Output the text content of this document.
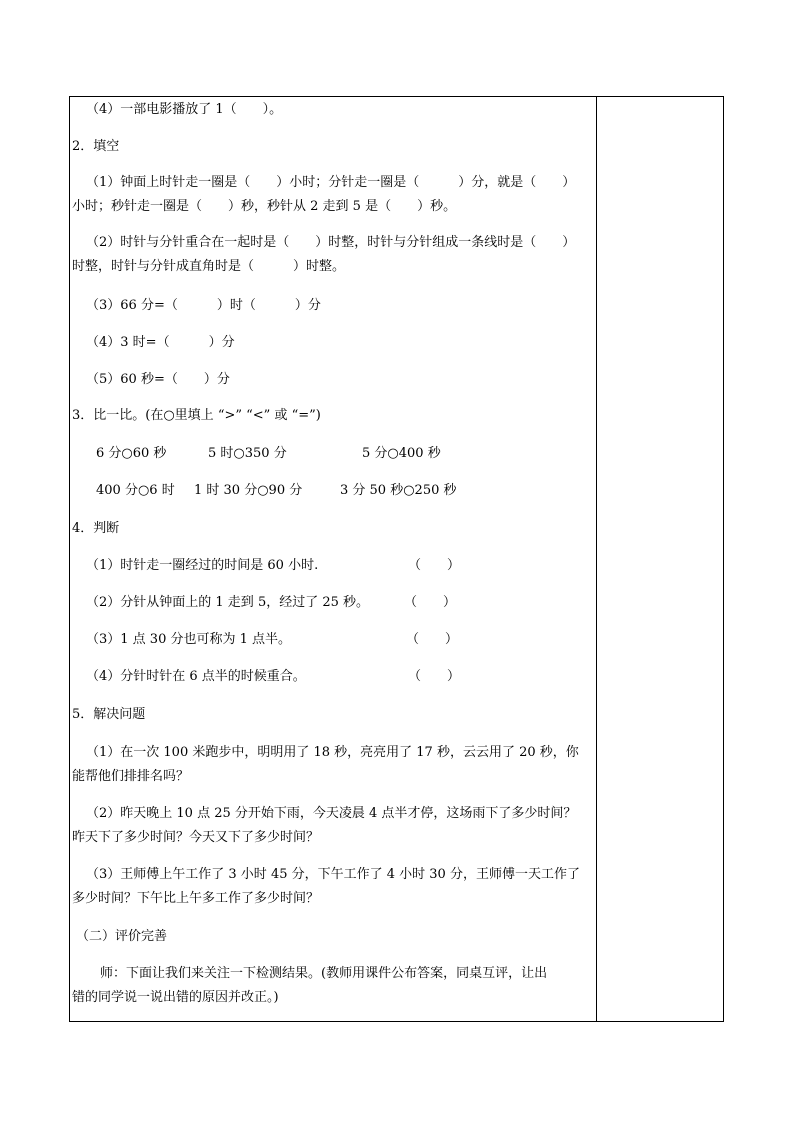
（4）一部电影播放了 1（　　）。
2．填空
（1）钟面上时针走一圈是（　　）小时；分针走一圈是（　　　）分，就是（　　）
小时；秒针走一圈是（　　）秒，秒针从 2 走到 5 是（　　）秒。
（2）时针与分针重合在一起时是（　　）时整，时针与分针组成一条线时是（　　）
时整，时针与分针成直角时是（　　　）时整。
（3）66 分=（　　　）时（　　　）分
（4）3 时=（　　　）分
（5）60 秒=（　　）分
3．比一比。(在○里填上 “>” “<” 或 “=”)
6 分○60 秒	5 时○350 分	5 分○400 秒
400 分○6 时 1 时 30 分○90 分	3 分 50 秒○250 秒
4．判断
（1）时针走一圈经过的时间是 60 小时.	（　　）
（2）分针从钟面上的 1 走到 5，经过了 25 秒。	（　　）
（3）1 点 30 分也可称为 1 点半。	（　　）
（4）分针时针在 6 点半的时候重合。	（　　）
5．解决问题
（1）在一次 100 米跑步中，明明用了 18 秒，亮亮用了 17 秒，云云用了 20 秒，你
能帮他们排排名吗？
（2）昨天晚上 10 点 25 分开始下雨，今天凌晨 4 点半才停，这场雨下了多少时间？
昨天下了多少时间？今天又下了多少时间？
（3）王师傅上午工作了 3 小时 45 分，下午工作了 4 小时 30 分，王师傅一天工作了
多少时间？下午比上午多工作了多少时间？
（二）评价完善
师：下面让我们来关注一下检测结果。(教师用课件公布答案，同桌互评，让出
错的同学说一说出错的原因并改正。)
